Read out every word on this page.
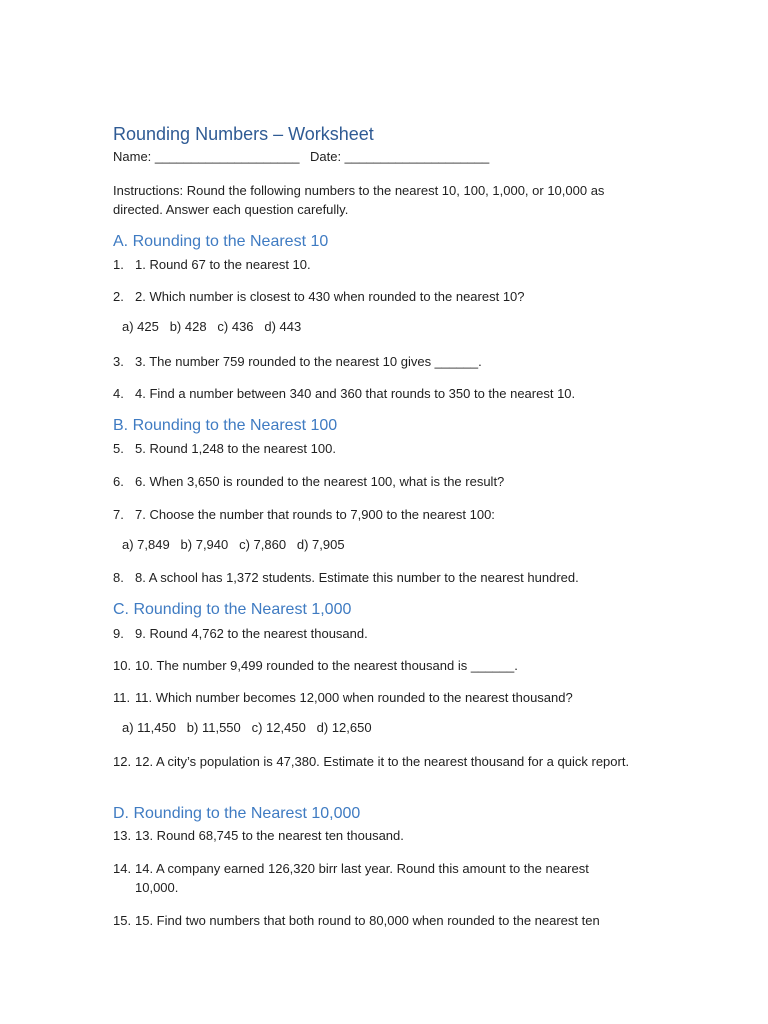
Rounding Numbers – Worksheet
Name: ____________________ Date: ____________________
Instructions: Round the following numbers to the nearest 10, 100, 1,000, or 10,000 as directed. Answer each question carefully.
A. Rounding to the Nearest 10
1. 1. Round 67 to the nearest 10.
2. 2. Which number is closest to 430 when rounded to the nearest 10?
a) 425   b) 428   c) 436   d) 443
3. 3. The number 759 rounded to the nearest 10 gives ______.
4. 4. Find a number between 340 and 360 that rounds to 350 to the nearest 10.
B. Rounding to the Nearest 100
5. 5. Round 1,248 to the nearest 100.
6. 6. When 3,650 is rounded to the nearest 100, what is the result?
7. 7. Choose the number that rounds to 7,900 to the nearest 100:
a) 7,849   b) 7,940   c) 7,860   d) 7,905
8. 8. A school has 1,372 students. Estimate this number to the nearest hundred.
C. Rounding to the Nearest 1,000
9. 9. Round 4,762 to the nearest thousand.
10. 10. The number 9,499 rounded to the nearest thousand is ______.
11. 11. Which number becomes 12,000 when rounded to the nearest thousand?
a) 11,450   b) 11,550   c) 12,450   d) 12,650
12. 12. A city’s population is 47,380. Estimate it to the nearest thousand for a quick report.
D. Rounding to the Nearest 10,000
13. 13. Round 68,745 to the nearest ten thousand.
14. 14. A company earned 126,320 birr last year. Round this amount to the nearest 10,000.
15. 15. Find two numbers that both round to 80,000 when rounded to the nearest ten
